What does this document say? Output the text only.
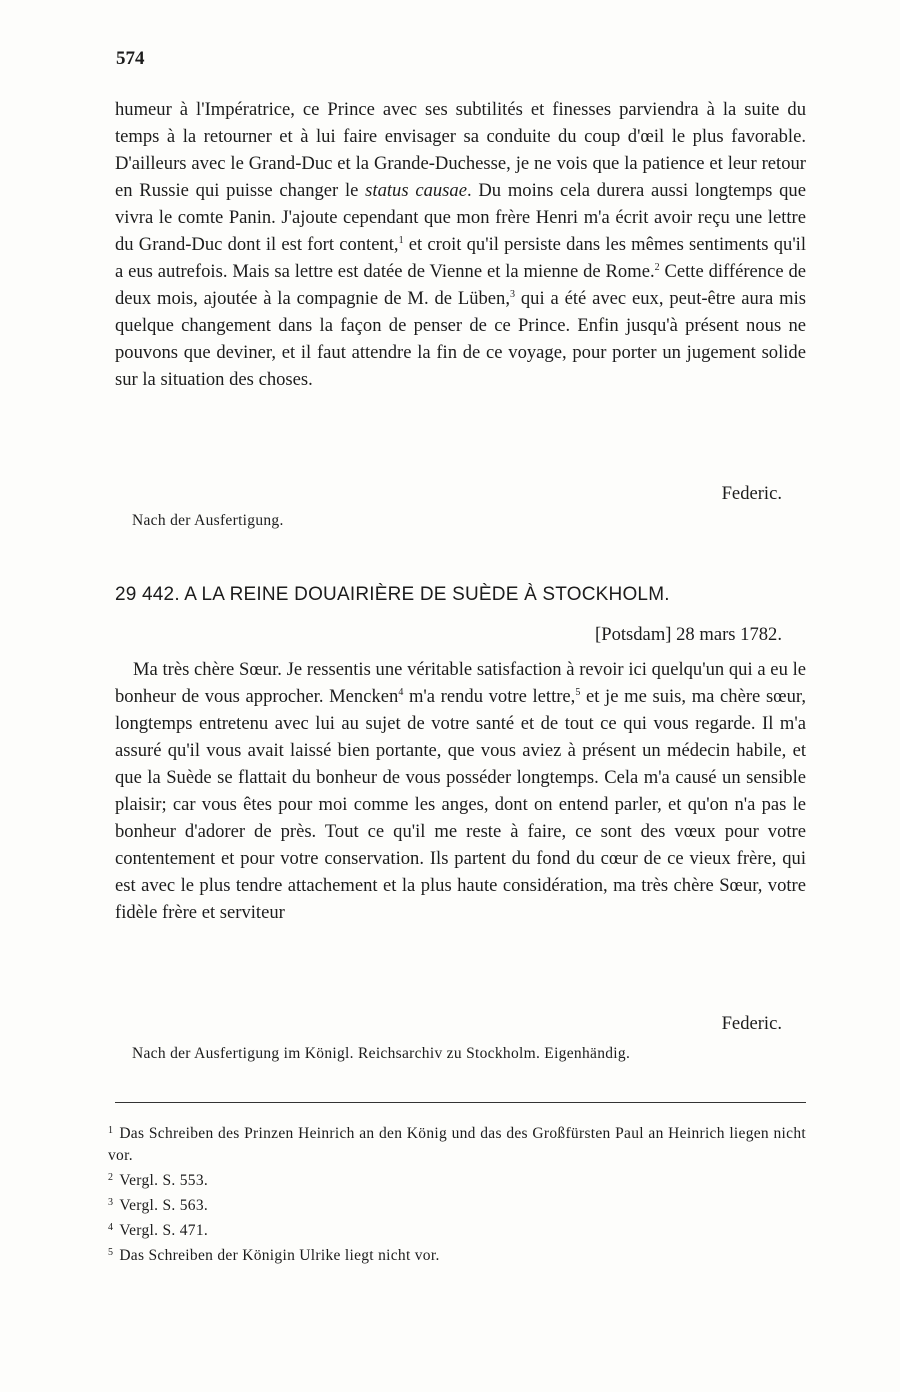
574

humeur à l'Impératrice, ce Prince avec ses subtilités et finesses parviendra à la suite du temps à la retourner et à lui faire envisager sa conduite du coup d'œil le plus favorable. D'ailleurs avec le Grand-Duc et la Grande-Duchesse, je ne vois que la patience et leur retour en Russie qui puisse changer le status causae. Du moins cela durera aussi longtemps que vivra le comte Panin. J'ajoute cependant que mon frère Henri m'a écrit avoir reçu une lettre du Grand-Duc dont il est fort content,$^1$ et croit qu'il persiste dans les mêmes sentiments qu'il a eus autrefois. Mais sa lettre est datée de Vienne et la mienne de Rome.$^2$ Cette différence de deux mois, ajoutée à la compagnie de M. de Lüben,$^3$ qui a été avec eux, peut-être aura mis quelque changement dans la façon de penser de ce Prince. Enfin jusqu'à présent nous ne pouvons que deviner, et il faut attendre la fin de ce voyage, pour porter un jugement solide sur la situation des choses.

Federic.
Nach der Ausfertigung.
29 442. A LA REINE DOUAIRIÈRE DE SUÈDE À STOCKHOLM.
[Potsdam] 28 mars 1782.

Ma très chère Sœur. Je ressentis une véritable satisfaction à revoir ici quelqu'un qui a eu le bonheur de vous approcher. Mencken$^4$ m'a rendu votre lettre,$^5$ et je me suis, ma chère sœur, longtemps entretenu avec lui au sujet de votre santé et de tout ce qui vous regarde. Il m'a assuré qu'il vous avait laissé bien portante, que vous aviez à présent un médecin habile, et que la Suède se flattait du bonheur de vous posséder longtemps. Cela m'a causé un sensible plaisir; car vous êtes pour moi comme les anges, dont on entend parler, et qu'on n'a pas le bonheur d'adorer de près. Tout ce qu'il me reste à faire, ce sont des vœux pour votre contentement et pour votre conservation. Ils partent du fond du cœur de ce vieux frère, qui est avec le plus tendre attachement et la plus haute considération, ma très chère Sœur, votre fidèle frère et serviteur

Federic.
Nach der Ausfertigung im Königl. Reichsarchiv zu Stockholm. Eigenhändig.

$^1$ Das Schreiben des Prinzen Heinrich an den König und das des Großfürsten Paul an Heinrich liegen nicht vor.

$^2$ Vergl. S. 553.

$^3$ Vergl. S. 563.

$^4$ Vergl. S. 471.

$^5$ Das Schreiben der Königin Ulrike liegt nicht vor.
